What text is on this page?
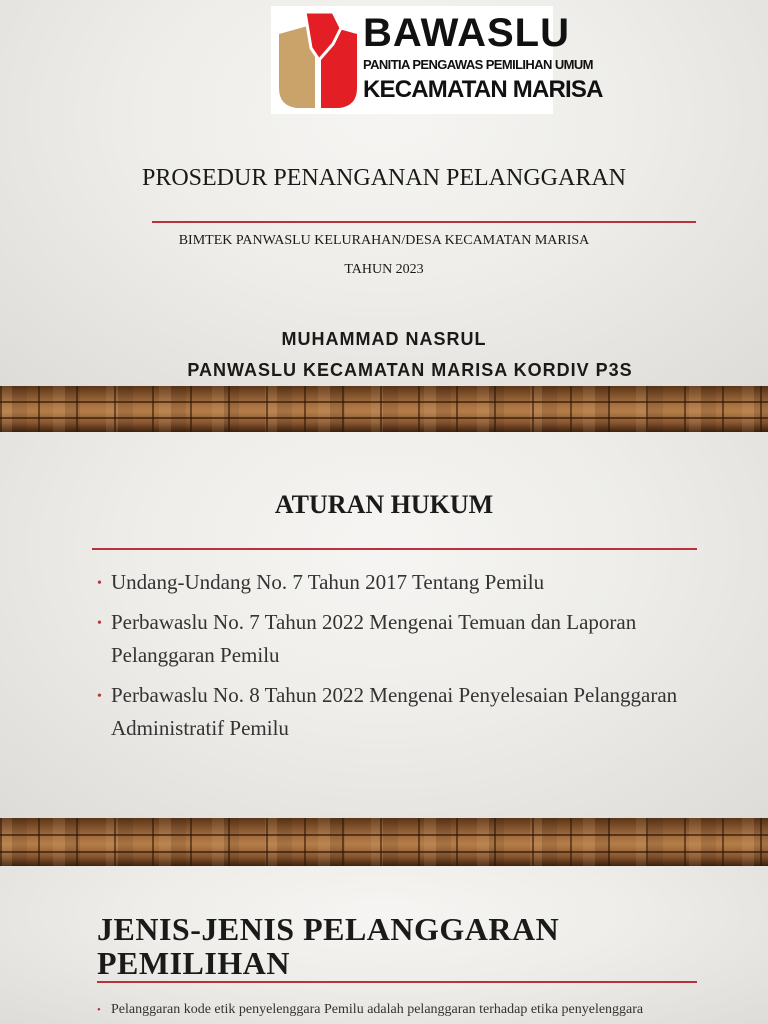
BAWASLU
PANITIA PENGAWAS PEMILIHAN UMUM
KECAMATAN MARISA
PROSEDUR PENANGANAN PELANGGARAN
BIMTEK PANWASLU KELURAHAN/DESA KECAMATAN MARISA
TAHUN 2023
MUHAMMAD NASRUL
PANWASLU KECAMATAN MARISA KORDIV P3S
ATURAN HUKUM
• Undang-Undang No. 7 Tahun 2017 Tentang Pemilu
• Perbawaslu No. 7 Tahun 2022 Mengenai Temuan dan Laporan Pelanggaran Pemilu
• Perbawaslu No. 8 Tahun 2022 Mengenai Penyelesaian Pelanggaran Administratif Pemilu
JENIS-JENIS PELANGGARAN PEMILIHAN
• Pelanggaran kode etik penyelenggara Pemilu adalah pelanggaran terhadap etika penyelenggara
